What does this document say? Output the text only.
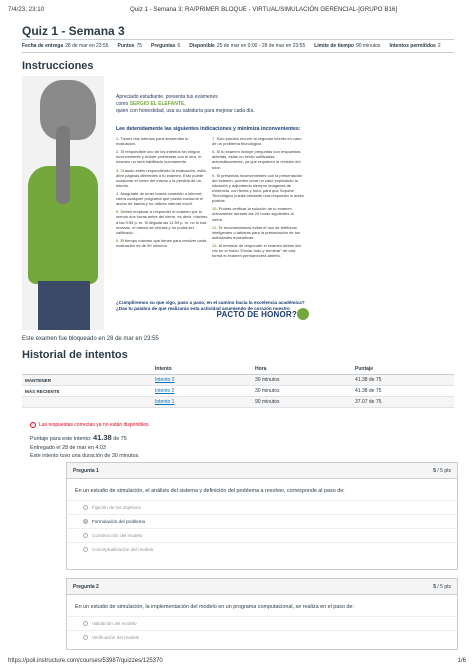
7/4/23, 23:10	Quiz 1 - Semana 3: RA/PRIMER BLOQUE - VIRTUAL/SIMULACIÓN GERENCIAL-[GRUPO B16]
Quiz 1 - Semana 3
Fecha de entrega 28 de mar en 23:55 Puntos 75 Preguntas 6 Disponible 25 de mar en 0:00 - 28 de mar en 23:55 Límite de tiempo 90 minutos Intentos permitidos 2
Instrucciones
Apreciado estudiante, presenta tus exámenes
como SERGIO EL ELEFANTE,
quien con honestidad, usa su sabiduría para mejorar cada día.
Lee detenidamente las siguientes indicaciones y minimiza inconvenientes:

1. Tienes dos intentos para desarrollar tu evaluación.

2. Si respondiste uno de los intentos sin ningún inconveniente y tuviste problemas con el otro, el examen no será habilitado nuevamente.

3. Cuando estés respondiendo la evaluación, evita abrir páginas diferentes a tu examen. Esto puede ocasionar el cierre del mismo y la pérdida de un intento.

4. Asegúrate de tener buena conexión a internet, cierra cualquier programa que pueda consumir el ancho de banda y no utilices internet móvil.

5. Debes empezar a responder el examen por lo menos dos horas antes del cierre, es decir, máximo a las 9:55 p. m. Si llegada las 11:59 p. m. no lo has enviado, el mismo se cerrará y no podrá ser calificado.

6. El tiempo máximo que tienes para resolver cada evaluación es de 90 minutos.

7. Solo puedes recurrir al segundo intento en caso de un problema tecnológico.

8. Si tu examen incluye preguntas con respuestas abiertas, estas no serán calificadas automáticamente, ya que requieren la revisión del tutor.

9. Si presentas inconvenientes con la presentación del examen, puedes crear un caso explicando la situación y adjuntando siempre imágenes de evidencia, con fecha y hora, para que Soporte Tecnológico pueda brindarte una respuesta lo antes posible.

10. Podrás verificar la solución de tu examen únicamente durante las 24 horas siguientes al cierre.

11. Te recomendamos evitar el uso de teléfonos inteligentes o tabletas para la presentación de tus actividades evaluativas.

12. Al terminar de responder el examen debes dar clic en el botón "Enviar todo y terminar" de otra forma el examen permanecerá abierto.

¿Cumpliremos su que sigo, paso a paso, en el camino hacia la excelencia académica? ¿Das tu palabra de que realizarás esta actividad asumiendo de corazón nuestro
PACTO DE HONOR?
Este examen fue bloqueado en 28 de mar en 23:55
Historial de intentos
	Intento	Hora	Puntaje
MANTENER	Intento 2	30 minutos	41.38 de 75
MÁS RECIENTE	Intento 2	30 minutos	41.38 de 75
	Intento 1	90 minutos	37.07 de 75
!	Las respuestas correctas ya no están disponibles.
Puntaje para este intento: 41.38 de 75
Entregado el 28 de mar en 4:03
Este intento tuvo una duración de 30 minutos.
Pregunta 1	5 / 5 pts
En un estudio de simulación, el análisis del sistema y definición del problema a resolver, corresponde al paso de:
Fijación de los objetivos
Formulación del problema
Construcción del modelo
Conceptualización del modelo
Pregunta 2	5 / 5 pts
En un estudio de simulación, la implementación del modelo en un programa computacional, se realiza en el paso de:
Validación del modelo
Verificación del modelo
https://poli.instructure.com/courses/53987/quizzes/125370	1/6
